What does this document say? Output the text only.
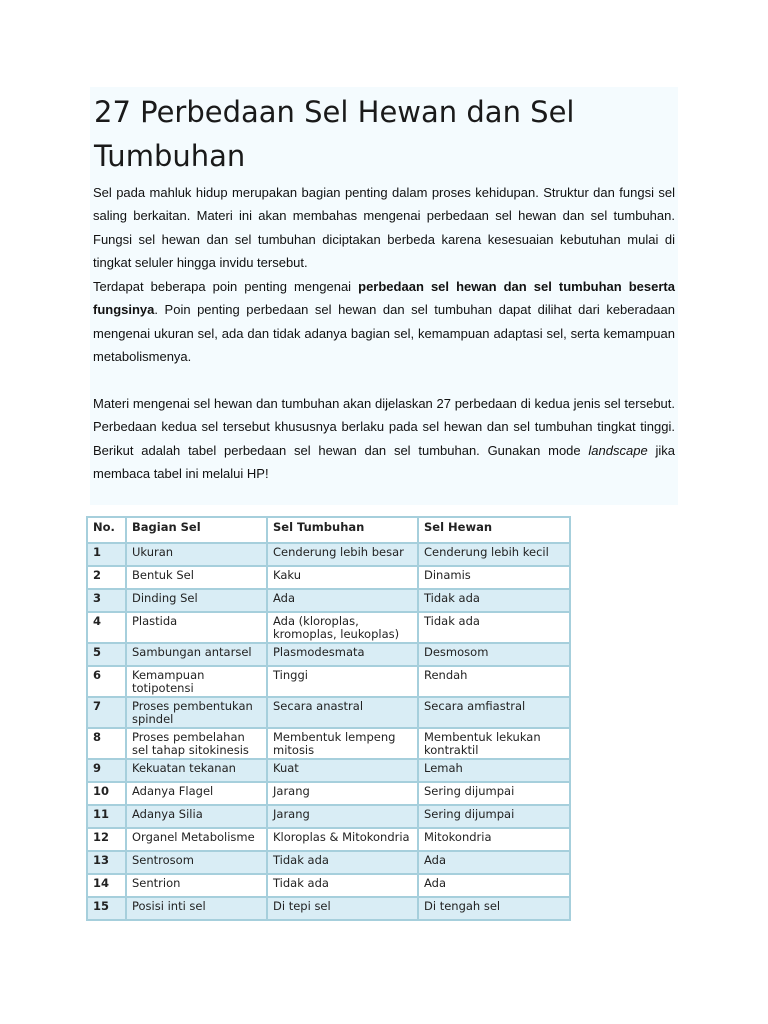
27 Perbedaan Sel Hewan dan Sel Tumbuhan

Sel pada mahluk hidup merupakan bagian penting dalam proses kehidupan. Struktur dan fungsi sel saling berkaitan. Materi ini akan membahas mengenai perbedaan sel hewan dan sel tumbuhan. Fungsi sel hewan dan sel tumbuhan diciptakan berbeda karena kesesuaian kebutuhan mulai di tingkat seluler hingga invidu tersebut.

Terdapat beberapa poin penting mengenai perbedaan sel hewan dan sel tumbuhan beserta fungsinya. Poin penting perbedaan sel hewan dan sel tumbuhan dapat dilihat dari keberadaan mengenai ukuran sel, ada dan tidak adanya bagian sel, kemampuan adaptasi sel, serta kemampuan metabolismenya.

Materi mengenai sel hewan dan tumbuhan akan dijelaskan 27 perbedaan di kedua jenis sel tersebut. Perbedaan kedua sel tersebut khususnya berlaku pada sel hewan dan sel tumbuhan tingkat tinggi. Berikut adalah tabel perbedaan sel hewan dan sel tumbuhan. Gunakan mode landscape jika membaca tabel ini melalui HP!

No.	Bagian Sel	Sel Tumbuhan	Sel Hewan
1	Ukuran	Cenderung lebih besar	Cenderung lebih kecil
2	Bentuk Sel	Kaku	Dinamis
3	Dinding Sel	Ada	Tidak ada
4	Plastida	Ada (kloroplas, kromoplas, leukoplas)	Tidak ada
5	Sambungan antarsel	Plasmodesmata	Desmosom
6	Kemampuan totipotensi	Tinggi	Rendah
7	Proses pembentukan spindel	Secara anastral	Secara amfiastral
8	Proses pembelahan sel tahap sitokinesis	Membentuk lempeng mitosis	Membentuk lekukan kontraktil
9	Kekuatan tekanan	Kuat	Lemah
10	Adanya Flagel	Jarang	Sering dijumpai
11	Adanya Silia	Jarang	Sering dijumpai
12	Organel Metabolisme	Kloroplas & Mitokondria	Mitokondria
13	Sentrosom	Tidak ada	Ada
14	Sentrion	Tidak ada	Ada
15	Posisi inti sel	Di tepi sel	Di tengah sel
